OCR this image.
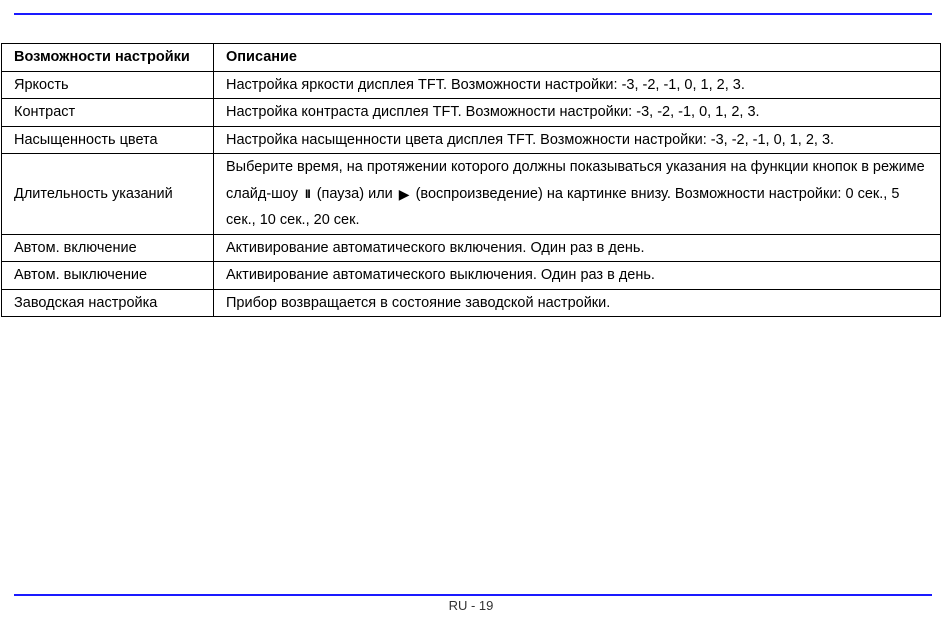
Возможности настройки	Описание
Яркость	Настройка яркости дисплея TFT. Возможности настройки: -3, -2, -1, 0, 1, 2, 3.
Контраст	Настройка контраста дисплея TFT. Возможности настройки: -3, -2, -1, 0, 1, 2, 3.
Насыщенность цвета	Настройка насыщенности цвета дисплея TFT. Возможности настройки: -3, -2, -1, 0, 1, 2, 3.
Длительность указаний	Выберите время, на протяжении которого должны показываться указания на функции кнопок в режиме слайд-шоу II (пауза) или ▶ (воспроизведение) на картинке внизу. Возможности настройки: 0 сек., 5 сек., 10 сек., 20 сек.
Автом. включение	Активирование автоматического включения. Один раз в день.
Автом. выключение	Активирование автоматического выключения. Один раз в день.
Заводская настройка	Прибор возвращается в состояние заводской настройки.
RU - 19
